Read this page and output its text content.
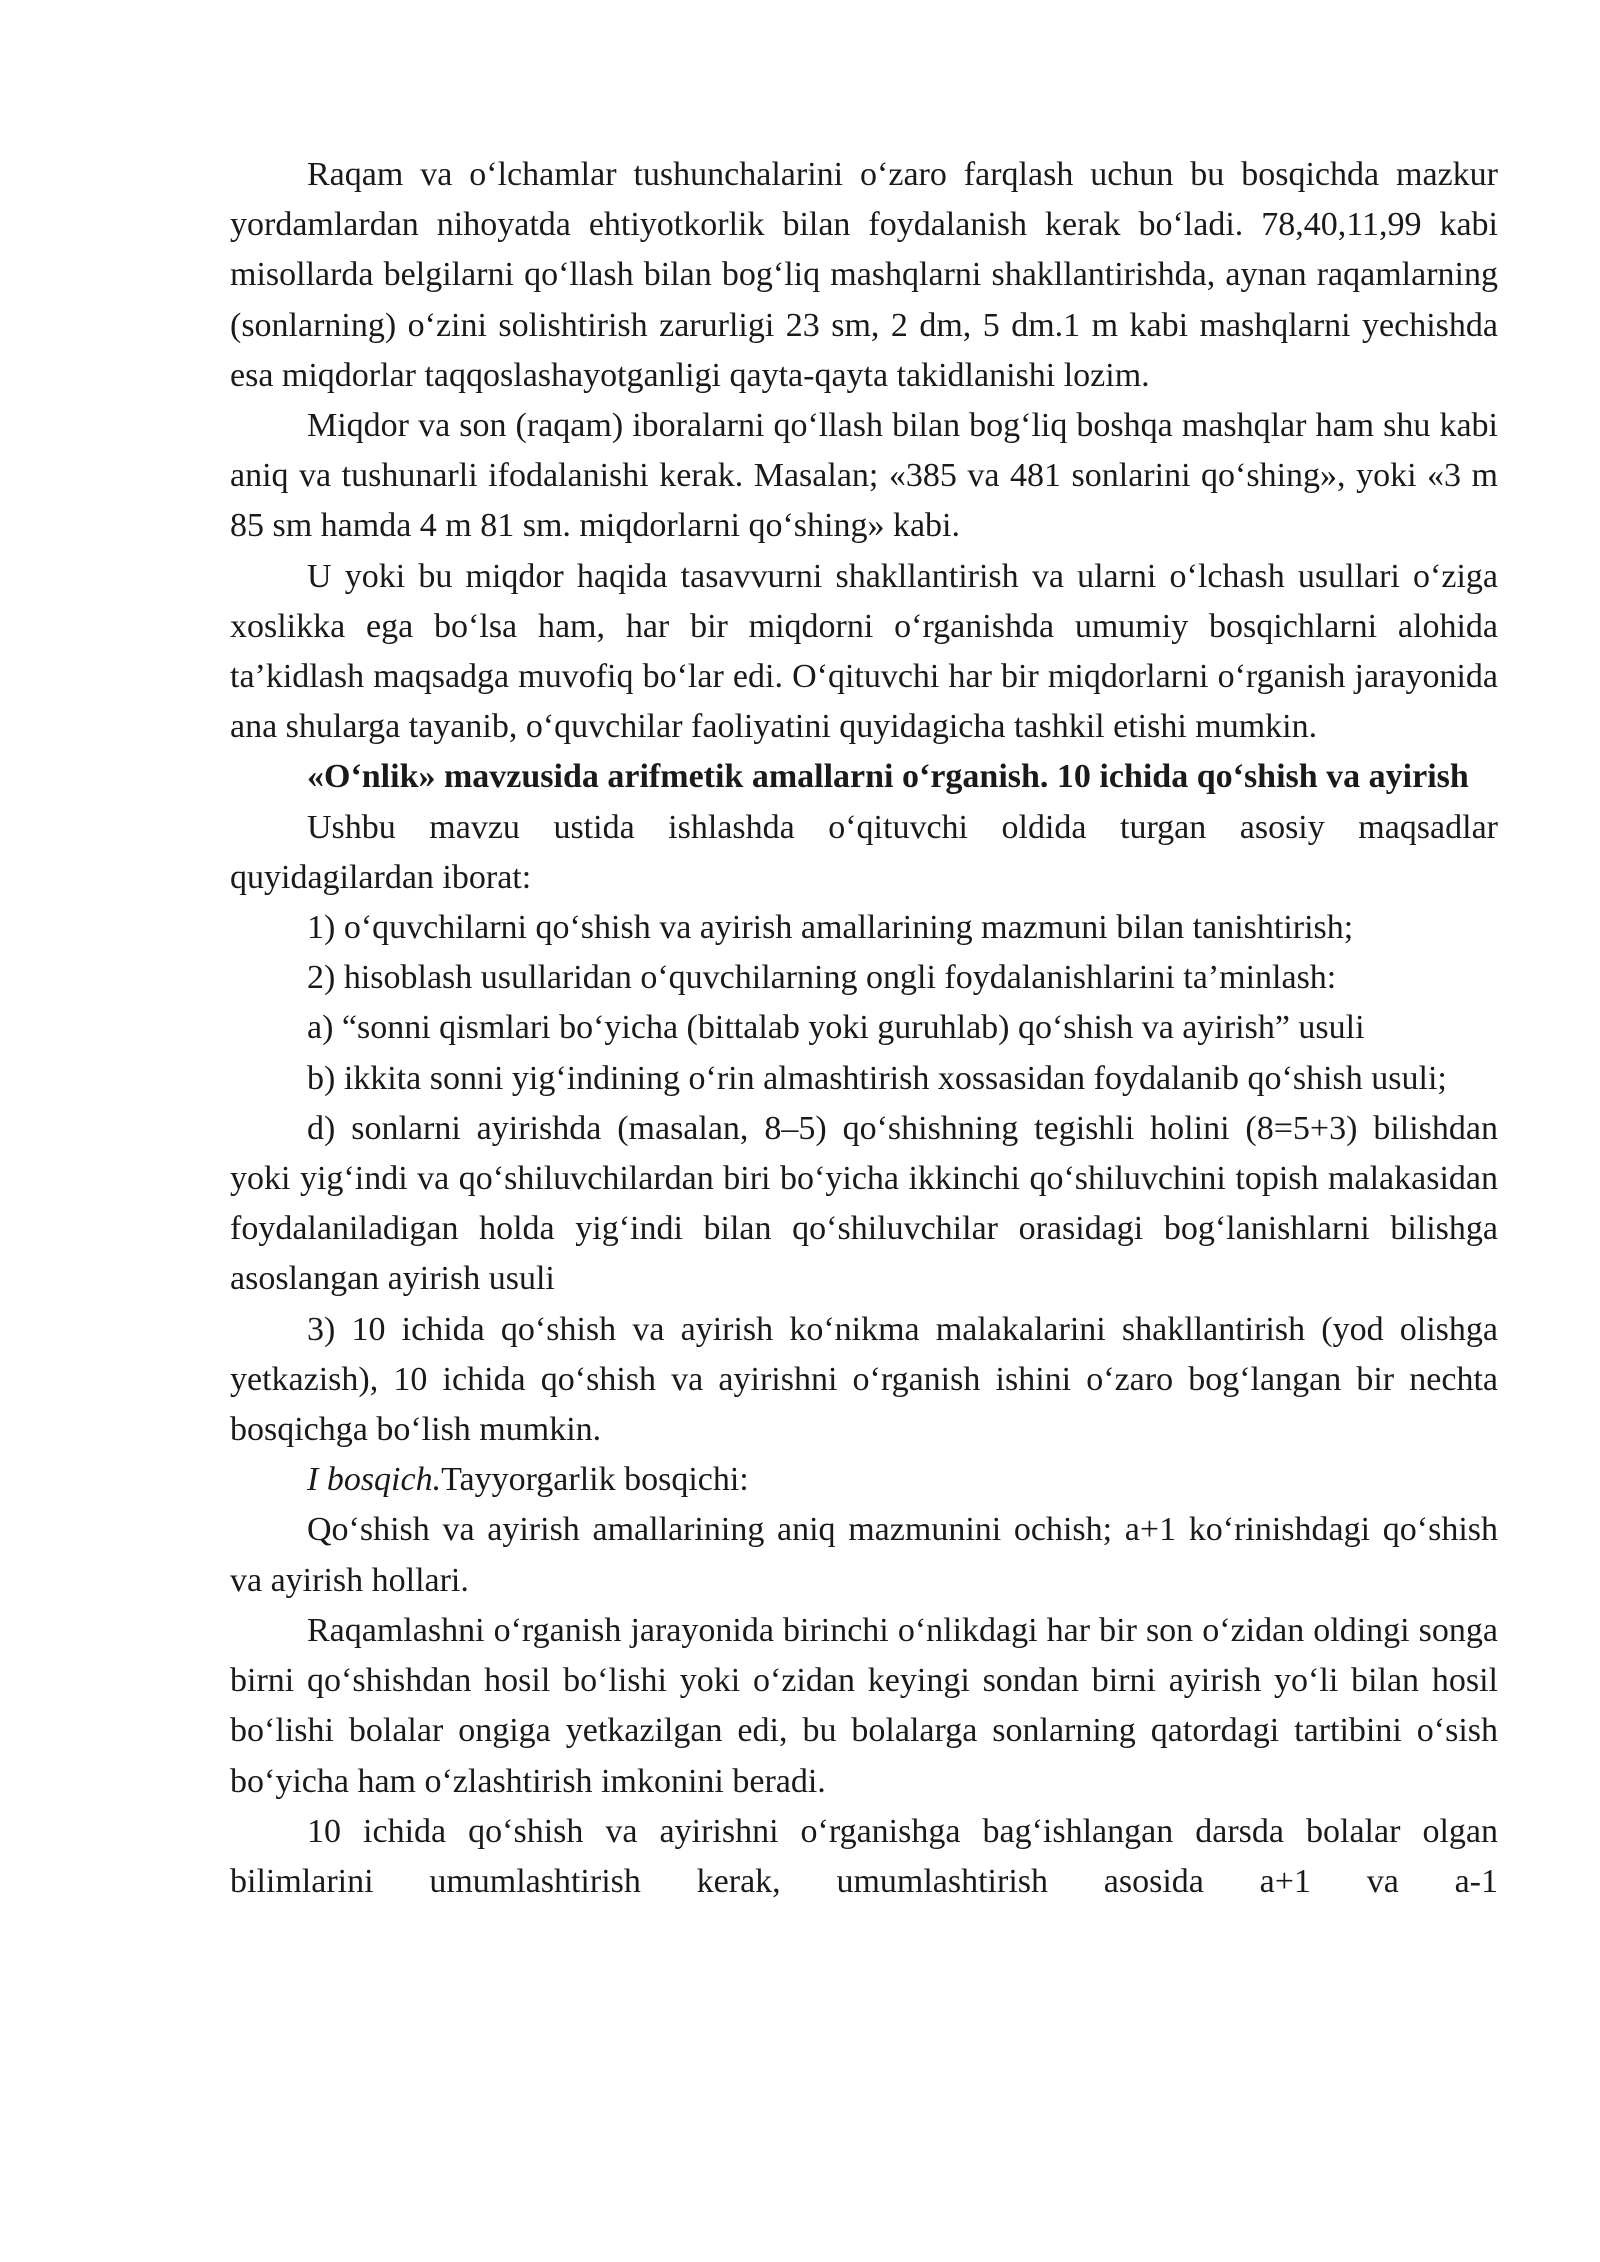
Raqam va o‘lchamlar tushunchalarini o‘zaro farqlash uchun bu bosqichda mazkur yordamlardan nihoyatda ehtiyotkorlik bilan foydalanish kerak bo‘ladi. 78,40,11,99 kabi misollarda belgilarni qo‘llash bilan bog‘liq mashqlarni shakllantirishda, aynan raqamlarning (sonlarning) o‘zini solishtirish zarurligi 23 sm, 2 dm, 5 dm.1 m kabi mashqlarni yechishda esa miqdorlar taqqoslashayotganligi qayta-qayta takidlanishi lozim.

Miqdor va son (raqam) iboralarni qo‘llash bilan bog‘liq boshqa mashqlar ham shu kabi aniq va tushunarli ifodalanishi kerak. Masalan; «385 va 481 sonlarini qo‘shing», yoki «3 m 85 sm hamda 4 m 81 sm. miqdorlarni qo‘shing» kabi.

U yoki bu miqdor haqida tasavvurni shakllantirish va ularni o‘lchash usullari o‘ziga xoslikka ega bo‘lsa ham, har bir miqdorni o‘rganishda umumiy bosqichlarni alohida ta’kidlash maqsadga muvofiq bo‘lar edi. O‘qituvchi har bir miqdorlarni o‘rganish jarayonida ana shularga tayanib, o‘quvchilar faoliyatini quyidagicha tashkil etishi mumkin.

«O‘nlik» mavzusida arifmetik amallarni o‘rganish. 10 ichida qo‘shish va ayirish

Ushbu mavzu ustida ishlashda o‘qituvchi oldida turgan asosiy maqsadlar quyidagilardan iborat:

1) o‘quvchilarni qo‘shish va ayirish amallarining mazmuni bilan tanishtirish;

2) hisoblash usullaridan o‘quvchilarning ongli foydalanishlarini ta’minlash:

a) “sonni qismlari bo‘yicha (bittalab yoki guruhlab) qo‘shish va ayirish” usuli

b) ikkita sonni yig‘indining o‘rin almashtirish xossasidan foydalanib qo‘shish usuli;

d) sonlarni ayirishda (masalan, 8–5) qo‘shishning tegishli holini (8=5+3) bilishdan yoki yig‘indi va qo‘shiluvchilardan biri bo‘yicha ikkinchi qo‘shiluvchini topish malakasidan foydalaniladigan holda yig‘indi bilan qo‘shiluvchilar orasidagi bog‘lanishlarni bilishga asoslangan ayirish usuli

3) 10 ichida qo‘shish va ayirish ko‘nikma malakalarini shakllantirish (yod olishga yetkazish), 10 ichida qo‘shish va ayirishni o‘rganish ishini o‘zaro bog‘langan bir nechta bosqichga bo‘lish mumkin.

I bosqich.Tayyorgarlik bosqichi:

Qo‘shish va ayirish amallarining aniq mazmunini ochish; a+1 ko‘rinishdagi qo‘shish va ayirish hollari.

Raqamlashni o‘rganish jarayonida birinchi o‘nlikdagi har bir son o‘zidan oldingi songa birni qo‘shishdan hosil bo‘lishi yoki o‘zidan keyingi sondan birni ayirish yo‘li bilan hosil bo‘lishi bolalar ongiga yetkazilgan edi, bu bolalarga sonlarning qatordagi tartibini o‘sish bo‘yicha ham o‘zlashtirish imkonini beradi.

10 ichida qo‘shish va ayirishni o‘rganishga bag‘ishlangan darsda bolalar olgan bilimlarini umumlashtirish kerak, umumlashtirish asosida a+1 va a-1
